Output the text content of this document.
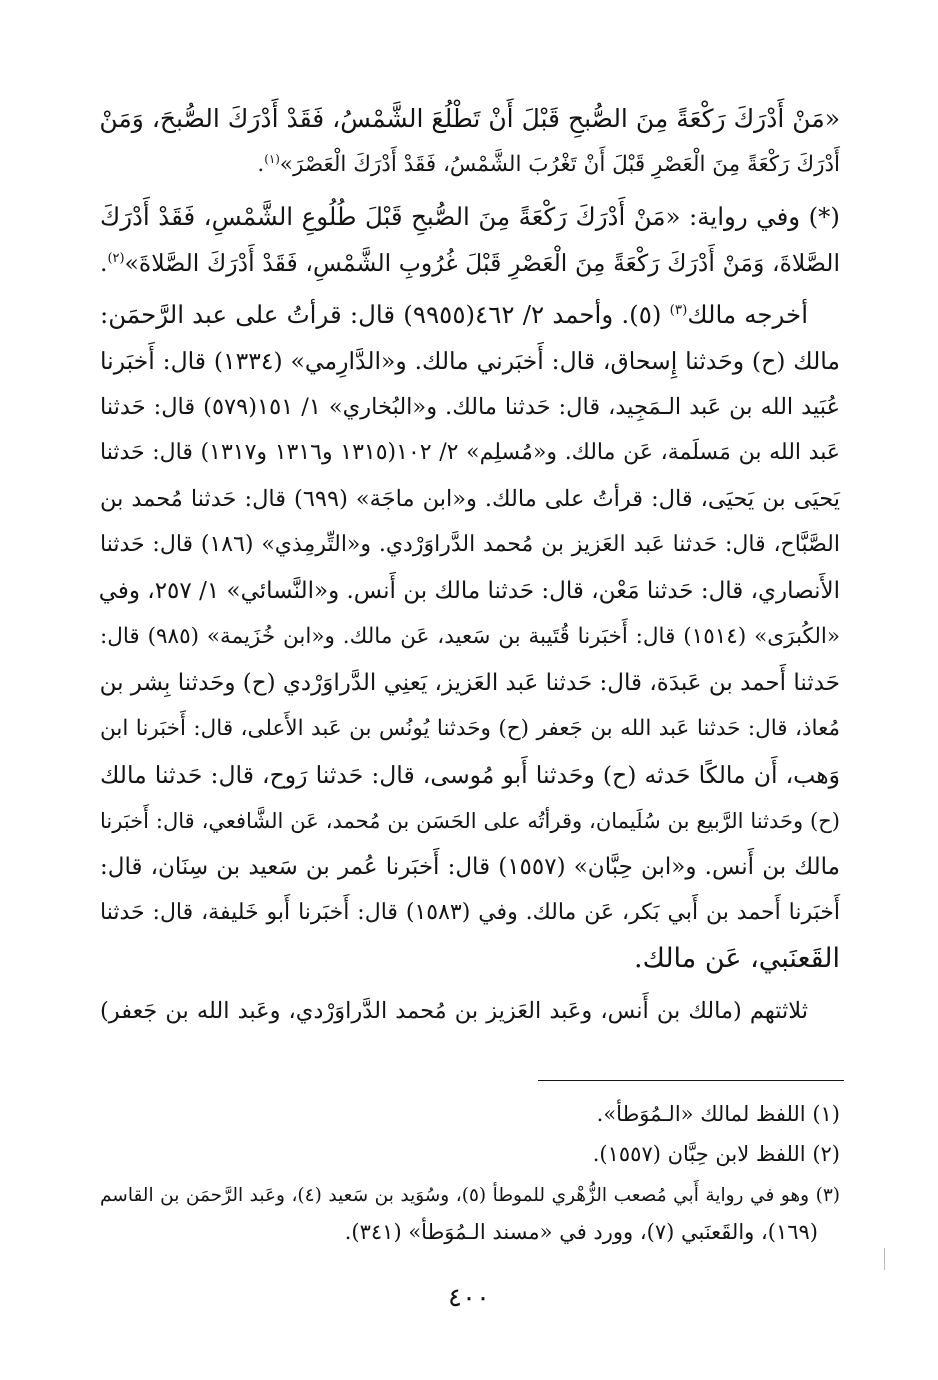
«مَنْ أَدْرَكَ رَكْعَةً مِنَ الصُّبحِ قَبْلَ أَنْ تَطْلُعَ الشَّمْسُ، فَقَدْ أَدْرَكَ الصُّبحَ، وَمَنْ
أَدْرَكَ رَكْعَةً مِنَ الْعَصْرِ قَبْلَ أَنْ تَغْرُبَ الشَّمْسُ، فَقَدْ أَدْرَكَ الْعَصْرَ»$^{(١)}$.
(*) وفي رواية: «مَنْ أَدْرَكَ رَكْعَةً مِنَ الصُّبحِ قَبْلَ طُلُوعِ الشَّمْسِ، فَقَدْ أَدْرَكَ
الصَّلاةَ، وَمَنْ أَدْرَكَ رَكْعَةً مِنَ الْعَصْرِ قَبْلَ غُرُوبِ الشَّمْسِ، فَقَدْ أَدْرَكَ الصَّلاةَ»$^{(٢)}$.
أخرجه مالك$^{(٣)}$ (٥). وأحمد ٢/ ٤٦٢(٩٩٥٥) قال: قرأتُ على عبد الرَّحمَن:
مالك (ح) وحَدثنا إِسحاق، قال: أَخبَرني مالك. و«الدَّارِمي» (١٣٣٤) قال: أَخبَرنا
عُبَيد الله بن عَبد الـمَجِيد، قال: حَدثنا مالك. و«البُخاري» ١/ ١٥١(٥٧٩) قال: حَدثنا
عَبد الله بن مَسلَمة، عَن مالك. و«مُسلِم» ٢/ ١٠٢(١٣١٥ و١٣١٦ و١٣١٧) قال: حَدثنا
يَحيَى بن يَحيَى، قال: قرأتُ على مالك. و«ابن ماجَة» (٦٩٩) قال: حَدثنا مُحمد بن
الصَّبَّاح، قال: حَدثنا عَبد العَزيز بن مُحمد الدَّراوَرْدي. و«التِّرمِذي» (١٨٦) قال: حَدثنا
الأَنصاري، قال: حَدثنا مَعْن، قال: حَدثنا مالك بن أَنس. و«النَّسائي» ١/ ٢٥٧، وفي
«الكُبرَى» (١٥١٤) قال: أَخبَرنا قُتَيبة بن سَعيد، عَن مالك. و«ابن خُزَيمة» (٩٨٥) قال:
حَدثنا أَحمد بن عَبدَة، قال: حَدثنا عَبد العَزيز، يَعنِي الدَّراوَرْدي (ح) وحَدثنا بِشر بن
مُعاذ، قال: حَدثنا عَبد الله بن جَعفر (ح) وحَدثنا يُونُس بن عَبد الأَعلى، قال: أَخبَرنا ابن
وَهب، أَن مالكًا حَدثه (ح) وحَدثنا أَبو مُوسى، قال: حَدثنا رَوح، قال: حَدثنا مالك
(ح) وحَدثنا الرَّبيع بن سُلَيمان، وقرأتُه على الحَسَن بن مُحمد، عَن الشَّافعي، قال: أَخبَرنا
مالك بن أَنس. و«ابن حِبَّان» (١٥٥٧) قال: أَخبَرنا عُمر بن سَعيد بن سِنَان، قال:
أَخبَرنا أَحمد بن أَبي بَكر، عَن مالك. وفي (١٥٨٣) قال: أَخبَرنا أَبو خَليفة، قال: حَدثنا
القَعنَبي، عَن مالك.
ثلاثتهم (مالك بن أَنس، وعَبد العَزيز بن مُحمد الدَّراوَرْدي، وعَبد الله بن جَعفر)
(١) اللفظ لمالك «الـمُوَطأ».
(٢) اللفظ لابن حِبَّان (١٥٥٧).
(٣) وهو في رواية أَبي مُصعب الزُّهْري للموطأ (٥)، وسُوَيد بن سَعيد (٤)، وعَبد الرَّحمَن بن القاسم
(١٦٩)، والقَعنَبي (٧)، وورد في «مسند الـمُوَطأ» (٣٤١).
٤٠٠
